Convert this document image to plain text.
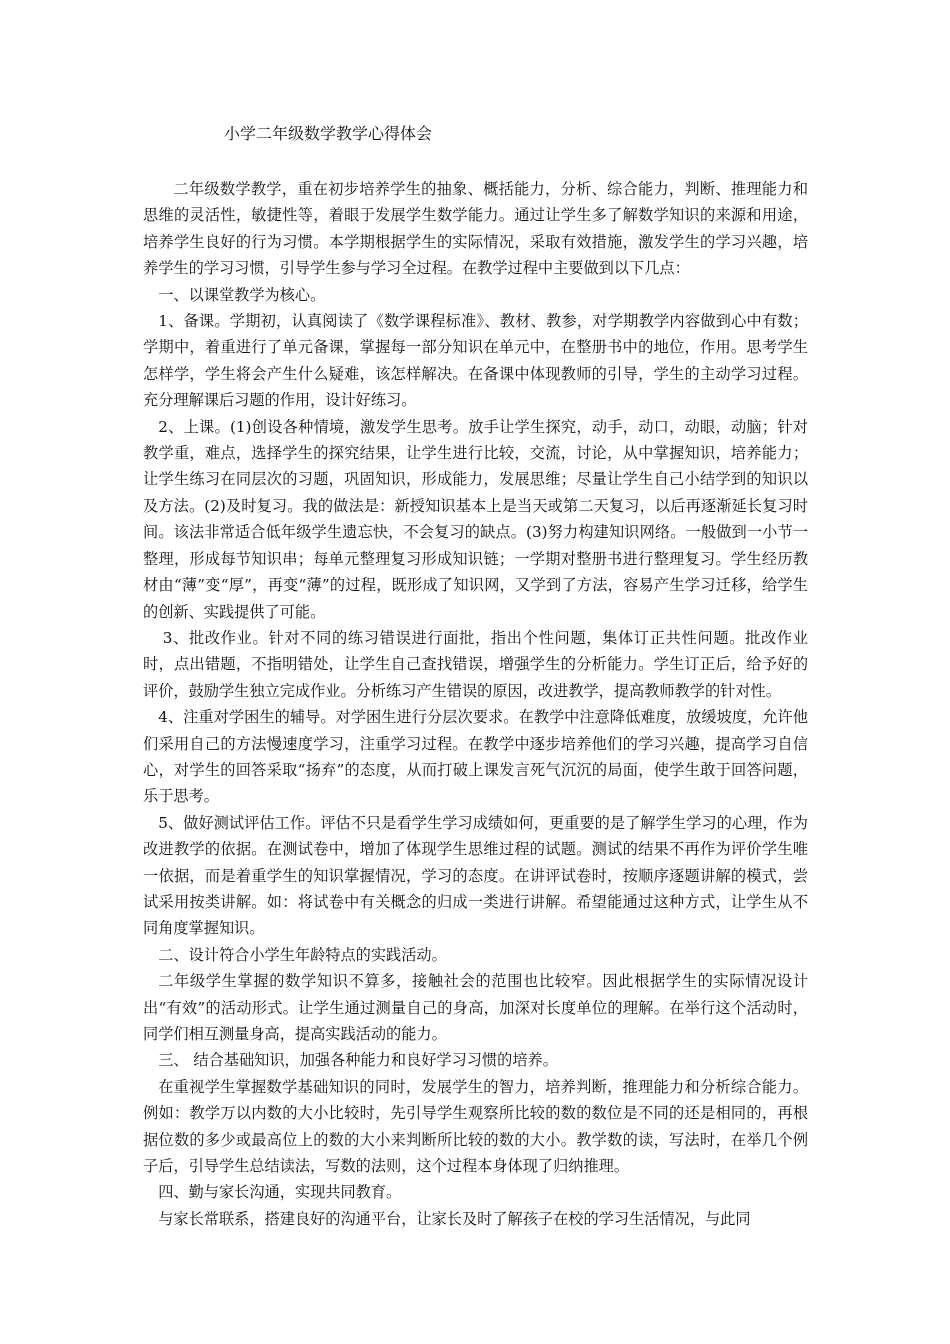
小学二年级数学教学心得体会

二年级数学教学，重在初步培养学生的抽象、概括能力，分析、综合能力，判断、推理能力和思维的灵活性，敏捷性等，着眼于发展学生数学能力。通过让学生多了解数学知识的来源和用途，培养学生良好的行为习惯。本学期根据学生的实际情况，采取有效措施，激发学生的学习兴趣，培养学生的学习习惯，引导学生参与学习全过程。在教学过程中主要做到以下几点：

一、以课堂教学为核心。

1、备课。学期初，认真阅读了《数学课程标准》、教材、教参，对学期教学内容做到心中有数；学期中，着重进行了单元备课，掌握每一部分知识在单元中，在整册书中的地位，作用。思考学生怎样学，学生将会产生什么疑难，该怎样解决。在备课中体现教师的引导，学生的主动学习过程。充分理解课后习题的作用，设计好练习。

2、上课。(1)创设各种情境，激发学生思考。放手让学生探究，动手，动口，动眼，动脑；针对教学重，难点，选择学生的探究结果，让学生进行比较，交流，讨论，从中掌握知识，培养能力；让学生练习在同层次的习题，巩固知识，形成能力，发展思维；尽量让学生自己小结学到的知识以及方法。(2)及时复习。我的做法是：新授知识基本上是当天或第二天复习，以后再逐渐延长复习时间。该法非常适合低年级学生遗忘快，不会复习的缺点。(3)努力构建知识网络。一般做到一小节一整理，形成每节知识串；每单元整理复习形成知识链；一学期对整册书进行整理复习。学生经历教材由“薄”变“厚”，再变“薄”的过程，既形成了知识网，又学到了方法，容易产生学习迁移，给学生的创新、实践提供了可能。

3、批改作业。针对不同的练习错误进行面批，指出个性问题，集体订正共性问题。批改作业时，点出错题，不指明错处，让学生自己查找错误，增强学生的分析能力。学生订正后，给予好的评价，鼓励学生独立完成作业。分析练习产生错误的原因，改进教学，提高教师教学的针对性。

4、注重对学困生的辅导。对学困生进行分层次要求。在教学中注意降低难度，放缓坡度，允许他们采用自己的方法慢速度学习，注重学习过程。在教学中逐步培养他们的学习兴趣，提高学习自信心，对学生的回答采取“扬弃”的态度，从而打破上课发言死气沉沉的局面，使学生敢于回答问题，乐于思考。

5、做好测试评估工作。评估不只是看学生学习成绩如何，更重要的是了解学生学习的心理，作为改进教学的依据。在测试卷中，增加了体现学生思维过程的试题。测试的结果不再作为评价学生唯一依据，而是着重学生的知识掌握情况，学习的态度。在讲评试卷时，按顺序逐题讲解的模式，尝试采用按类讲解。如：将试卷中有关概念的归成一类进行讲解。希望能通过这种方式，让学生从不同角度掌握知识。

二、设计符合小学生年龄特点的实践活动。

二年级学生掌握的数学知识不算多，接触社会的范围也比较窄。因此根据学生的实际情况设计出“有效”的活动形式。让学生通过测量自己的身高，加深对长度单位的理解。在举行这个活动时，同学们相互测量身高，提高实践活动的能力。

三、 结合基础知识，加强各种能力和良好学习习惯的培养。

在重视学生掌握数学基础知识的同时，发展学生的智力，培养判断，推理能力和分析综合能力。例如：教学万以内数的大小比较时，先引导学生观察所比较的数的数位是不同的还是相同的，再根据位数的多少或最高位上的数的大小来判断所比较的数的大小。教学数的读，写法时，在举几个例子后，引导学生总结读法，写数的法则，这个过程本身体现了归纳推理。

四、勤与家长沟通，实现共同教育。

与家长常联系，搭建良好的沟通平台，让家长及时了解孩子在校的学习生活情况，与此同
